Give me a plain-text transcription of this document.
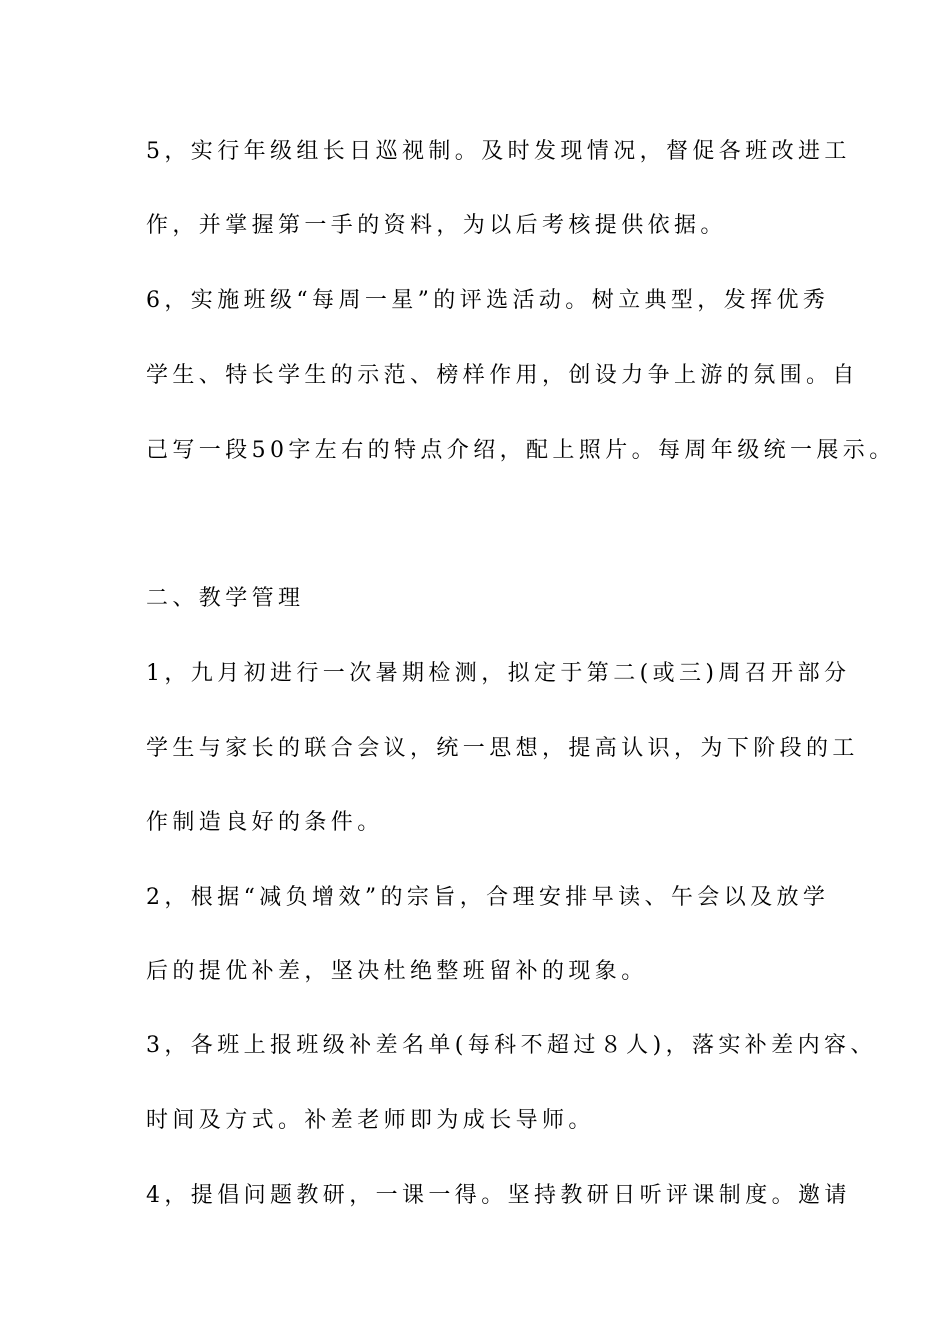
5，实行年级组长日巡视制。及时发现情况，督促各班改进工
作，并掌握第一手的资料，为以后考核提供依据。
6，实施班级“每周一星”的评选活动。树立典型，发挥优秀
学生、特长学生的示范、榜样作用，创设力争上游的氛围。自
己写一段50字左右的特点介绍，配上照片。每周年级统一展示。
二、教学管理
1，九月初进行一次暑期检测，拟定于第二(或三)周召开部分
学生与家长的联合会议，统一思想，提高认识，为下阶段的工
作制造良好的条件。
2，根据“减负增效”的宗旨，合理安排早读、午会以及放学
后的提优补差，坚决杜绝整班留补的现象。
3，各班上报班级补差名单(每科不超过８人)，落实补差内容、
时间及方式。补差老师即为成长导师。
4，提倡问题教研，一课一得。坚持教研日听评课制度。邀请
